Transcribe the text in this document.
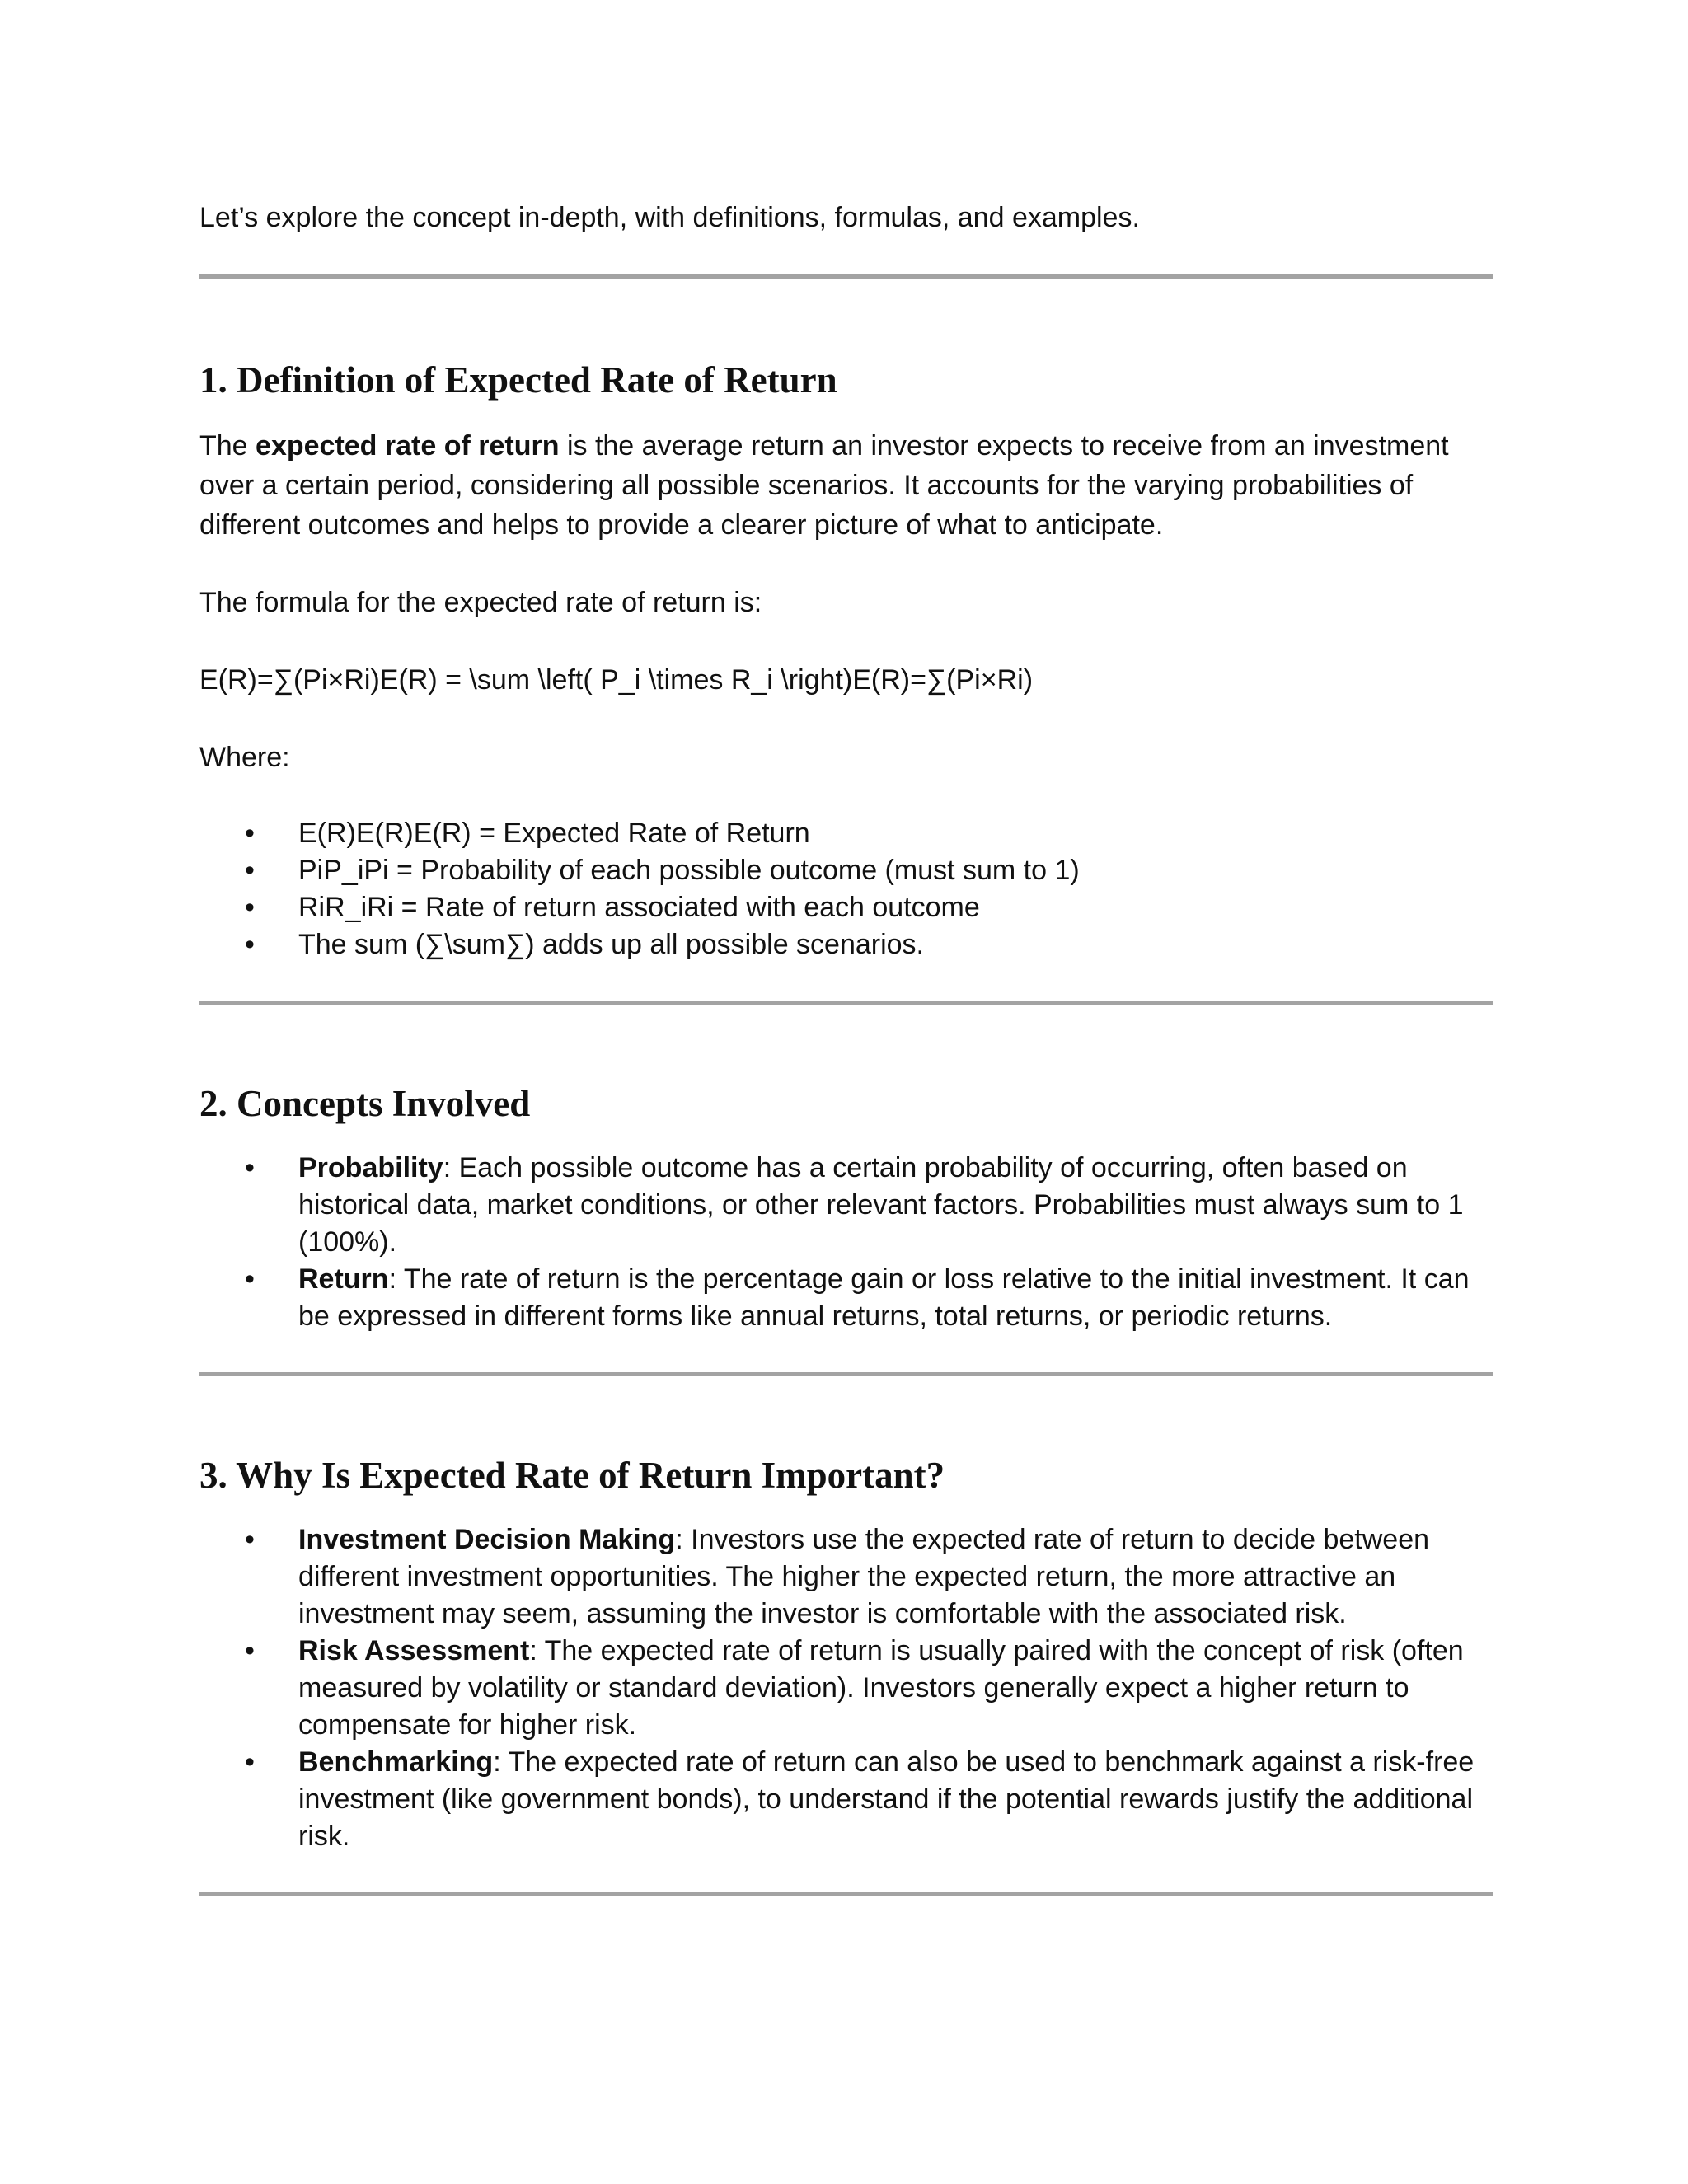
Let’s explore the concept in-depth, with definitions, formulas, and examples.

1. Definition of Expected Rate of Return

The expected rate of return is the average return an investor expects to receive from an investment over a certain period, considering all possible scenarios. It accounts for the varying probabilities of different outcomes and helps to provide a clearer picture of what to anticipate.

The formula for the expected rate of return is:

E(R)=∑(Pi×Ri)E(R) = \sum \left( P_i \times R_i \right)E(R)=∑(Pi×Ri)

Where:

• E(R)E(R)E(R) = Expected Rate of Return
• PiP_iPi = Probability of each possible outcome (must sum to 1)
• RiR_iRi = Rate of return associated with each outcome
• The sum (∑\sum∑) adds up all possible scenarios.
2. Concepts Involved
• Probability: Each possible outcome has a certain probability of occurring, often based on historical data, market conditions, or other relevant factors. Probabilities must always sum to 1 (100%).
• Return: The rate of return is the percentage gain or loss relative to the initial investment. It can be expressed in different forms like annual returns, total returns, or periodic returns.
3. Why Is Expected Rate of Return Important?
• Investment Decision Making: Investors use the expected rate of return to decide between different investment opportunities. The higher the expected return, the more attractive an investment may seem, assuming the investor is comfortable with the associated risk.
• Risk Assessment: The expected rate of return is usually paired with the concept of risk (often measured by volatility or standard deviation). Investors generally expect a higher return to compensate for higher risk.
• Benchmarking: The expected rate of return can also be used to benchmark against a risk-free investment (like government bonds), to understand if the potential rewards justify the additional risk.
